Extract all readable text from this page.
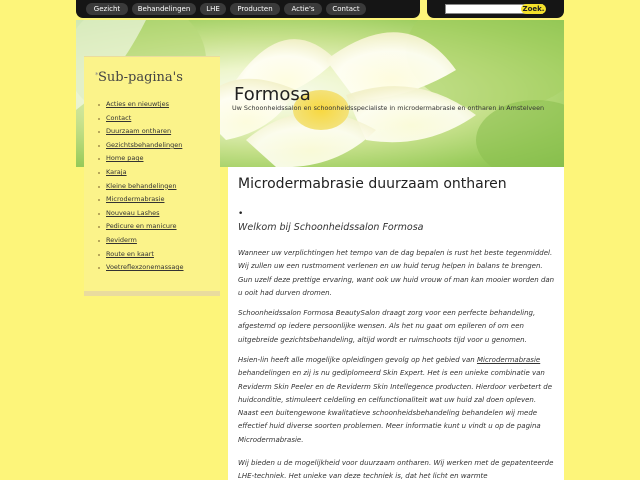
Gezicht	Behandelingen	LHE	Producten	Actie's	Contact	Zoek.
Formosa
Uw Schoonheidssalon en schoonheidsspecialiste in microdermabrasie en ontharen in Amstelveen
* Sub-pagina's
Acties en nieuwtjes
Contact
Duurzaam ontharen
Gezichtsbehandelingen
Home page
Karaja
Kleine behandelingen
Microdermabrasie
Nouveau Lashes
Pedicure en manicure
Reviderm
Route en kaart
Voetreflexzonemassage
Microdermabrasie duurzaam ontharen
•
Welkom bij Schoonheidssalon Formosa
Wanneer uw verplichtingen het tempo van de dag bepalen is rust het beste tegenmiddel. Wij zullen uw een rustmoment verlenen en uw huid terug helpen in balans te brengen. Gun uzelf deze prettige ervaring, want ook uw huid vrouw of man kan mooier worden dan u ooit had durven dromen.
Schoonheidssalon Formosa BeautySalon draagt zorg voor een perfecte behandeling, afgestemd op iedere persoonlijke wensen. Als het nu gaat om epileren of om een uitgebreide gezichtsbehandeling, altijd wordt er ruimschoots tijd voor u genomen.
Hsien-lin heeft alle mogelijke opleidingen gevolg op het gebied van Microdermabrasie behandelingen en zij is nu gediplomeerd Skin Expert. Het is een unieke combinatie van Reviderm Skin Peeler en de Reviderm Skin Intellegence producten. Hierdoor verbetert de huidconditie, stimuleert celdeling en celfunctionaliteit wat uw huid zal doen opleven. Naast een buitengewone kwalitatieve schoonheidsbehandeling behandelen wij mede effectief huid diverse soorten problemen. Meer informatie kunt u vindt u op de pagina Microdermabrasie.
Wij bieden u de mogelijkheid voor duurzaam ontharen. Wij werken met de gepatenteerde LHE-techniek. Het unieke van deze techniek is, dat het licht en warmte
